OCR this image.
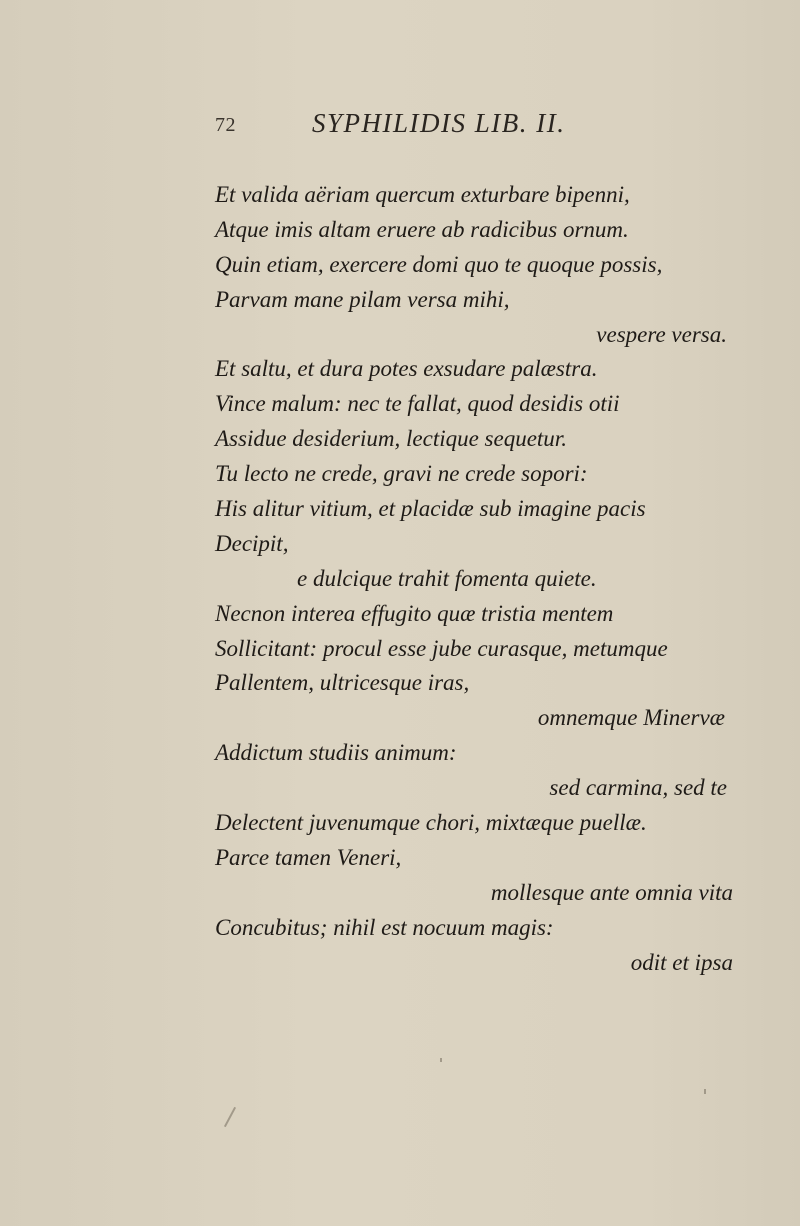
72	SYPHILIDIS LIB. II.
Et valida aëriam quercum exturbare bipenni,
Atque imis altam eruere ab radicibus ornum.
Quin etiam, exercere domi quo te quoque possis,
Parvam mane pilam versa mihi,
vespere versa.
Et saltu, et dura potes exsudare palæstra.
Vince malum: nec te fallat, quod desidis otii
Assidue desiderium, lectique sequetur.
Tu lecto ne crede, gravi ne crede sopori:
His alitur vitium, et placidæ sub imagine pacis
Decipit,
e dulcique trahit fomenta quiete.
Necnon interea effugito quæ tristia mentem
Sollicitant: procul esse jube curasque, metumque
Pallentem, ultricesque iras,
omnemque Minervæ
Addictum studiis animum:
sed carmina, sed te
Delectent juvenumque chori, mixtæque puellæ.
Parce tamen Veneri,
mollesque ante omnia vita
Concubitus; nihil est nocuum magis:
odit et ipsa
